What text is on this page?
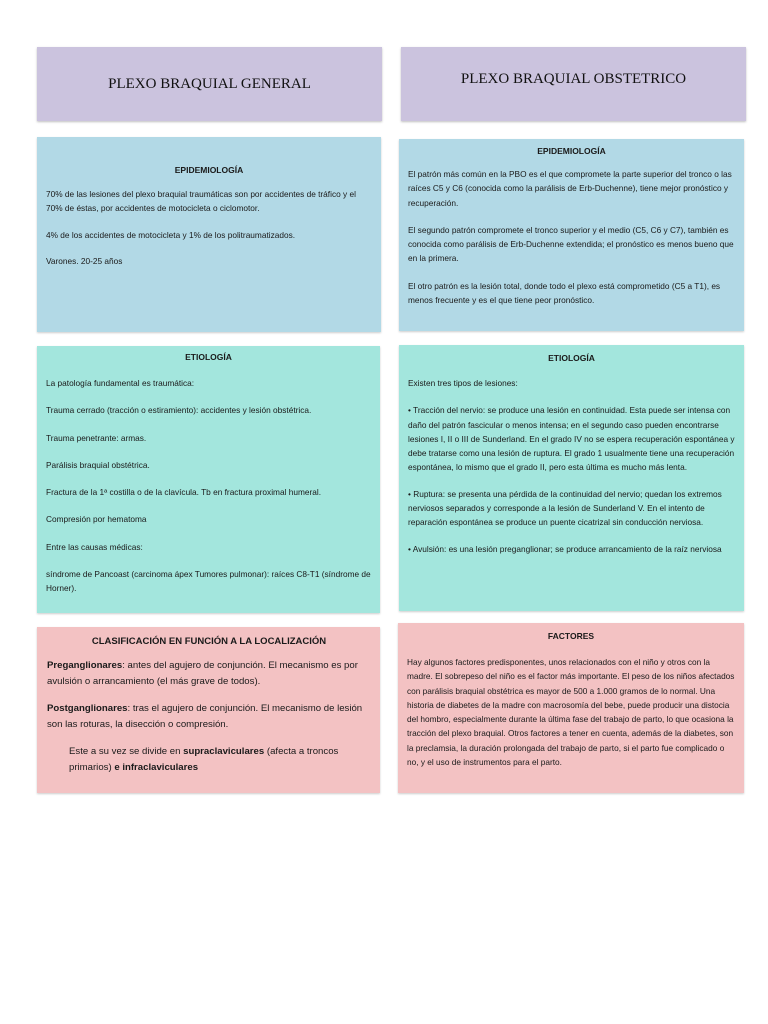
PLEXO BRAQUIAL GENERAL	PLEXO BRAQUIAL OBSTETRICO

EPIDEMIOLOGÍA

70% de las lesiones del plexo braquial traumáticas son por accidentes de tráfico y el 70% de éstas, por accidentes de motocicleta o ciclomotor.

4% de los accidentes de motocicleta y 1% de los politraumatizados.

Varones. 20-25 años

EPIDEMIOLOGÍA

El patrón más común en la PBO es el que compromete la parte superior del tronco o las raíces C5 y C6 (conocida como la parálisis de Erb-Duchenne), tiene mejor pronóstico y recuperación.

El segundo patrón compromete el tronco superior y el medio (C5, C6 y C7), también es conocida como parálisis de Erb-Duchenne extendida; el pronóstico es menos bueno que en la primera.

El otro patrón es la lesión total, donde todo el plexo está comprometido (C5 a T1), es menos frecuente y es el que tiene peor pronóstico.

ETIOLOGÍA

La patología fundamental es traumática:

Trauma cerrado (tracción o estiramiento): accidentes y lesión obstétrica.

Trauma penetrante: armas.

Parálisis braquial obstétrica.

Fractura de la 1ª costilla o de la clavícula. Tb en fractura proximal humeral.

Compresión por hematoma

Entre las causas médicas:

síndrome de Pancoast (carcinoma ápex Tumores pulmonar): raíces C8-T1 (síndrome de Horner).

ETIOLOGÍA

Existen tres tipos de lesiones:

• Tracción del nervio: se produce una lesión en continuidad. Esta puede ser intensa con daño del patrón fascicular o menos intensa; en el segundo caso pueden encontrarse lesiones I, II o III de Sunderland. En el grado IV no se espera recuperación espontánea y debe tratarse como una lesión de ruptura. El grado 1 usualmente tiene una recuperación espontánea, lo mismo que el grado II, pero esta última es mucho más lenta.

• Ruptura: se presenta una pérdida de la continuidad del nervio; quedan los extremos nerviosos separados y corresponde a la lesión de Sunderland V. En el intento de reparación espontánea se produce un puente cicatrizal sin conducción nerviosa.

• Avulsión: es una lesión preganglionar; se produce arrancamiento de la raíz nerviosa

CLASIFICACIÓN EN FUNCIÓN A LA LOCALIZACIÓN

Preganglionares: antes del agujero de conjunción. El mecanismo es por avulsión o arrancamiento (el más grave de todos).

Postganglionares: tras el agujero de conjunción. El mecanismo de lesión son las roturas, la disección o compresión.

Este a su vez se divide en supraclaviculares (afecta a troncos primarios) e infraclaviculares

FACTORES

Hay algunos factores predisponentes, unos relacionados con el niño y otros con la madre. El sobrepeso del niño es el factor más importante. El peso de los niños afectados con parálisis braquial obstétrica es mayor de 500 a 1.000 gramos de lo normal. Una historia de diabetes de la madre con macrosomía del bebe, puede producir una distocia del hombro, especialmente durante la última fase del trabajo de parto, lo que ocasiona la tracción del plexo braquial. Otros factores a tener en cuenta, además de la diabetes, son la preclamsia, la duración prolongada del trabajo de parto, si el parto fue complicado o no, y el uso de instrumentos para el parto.
